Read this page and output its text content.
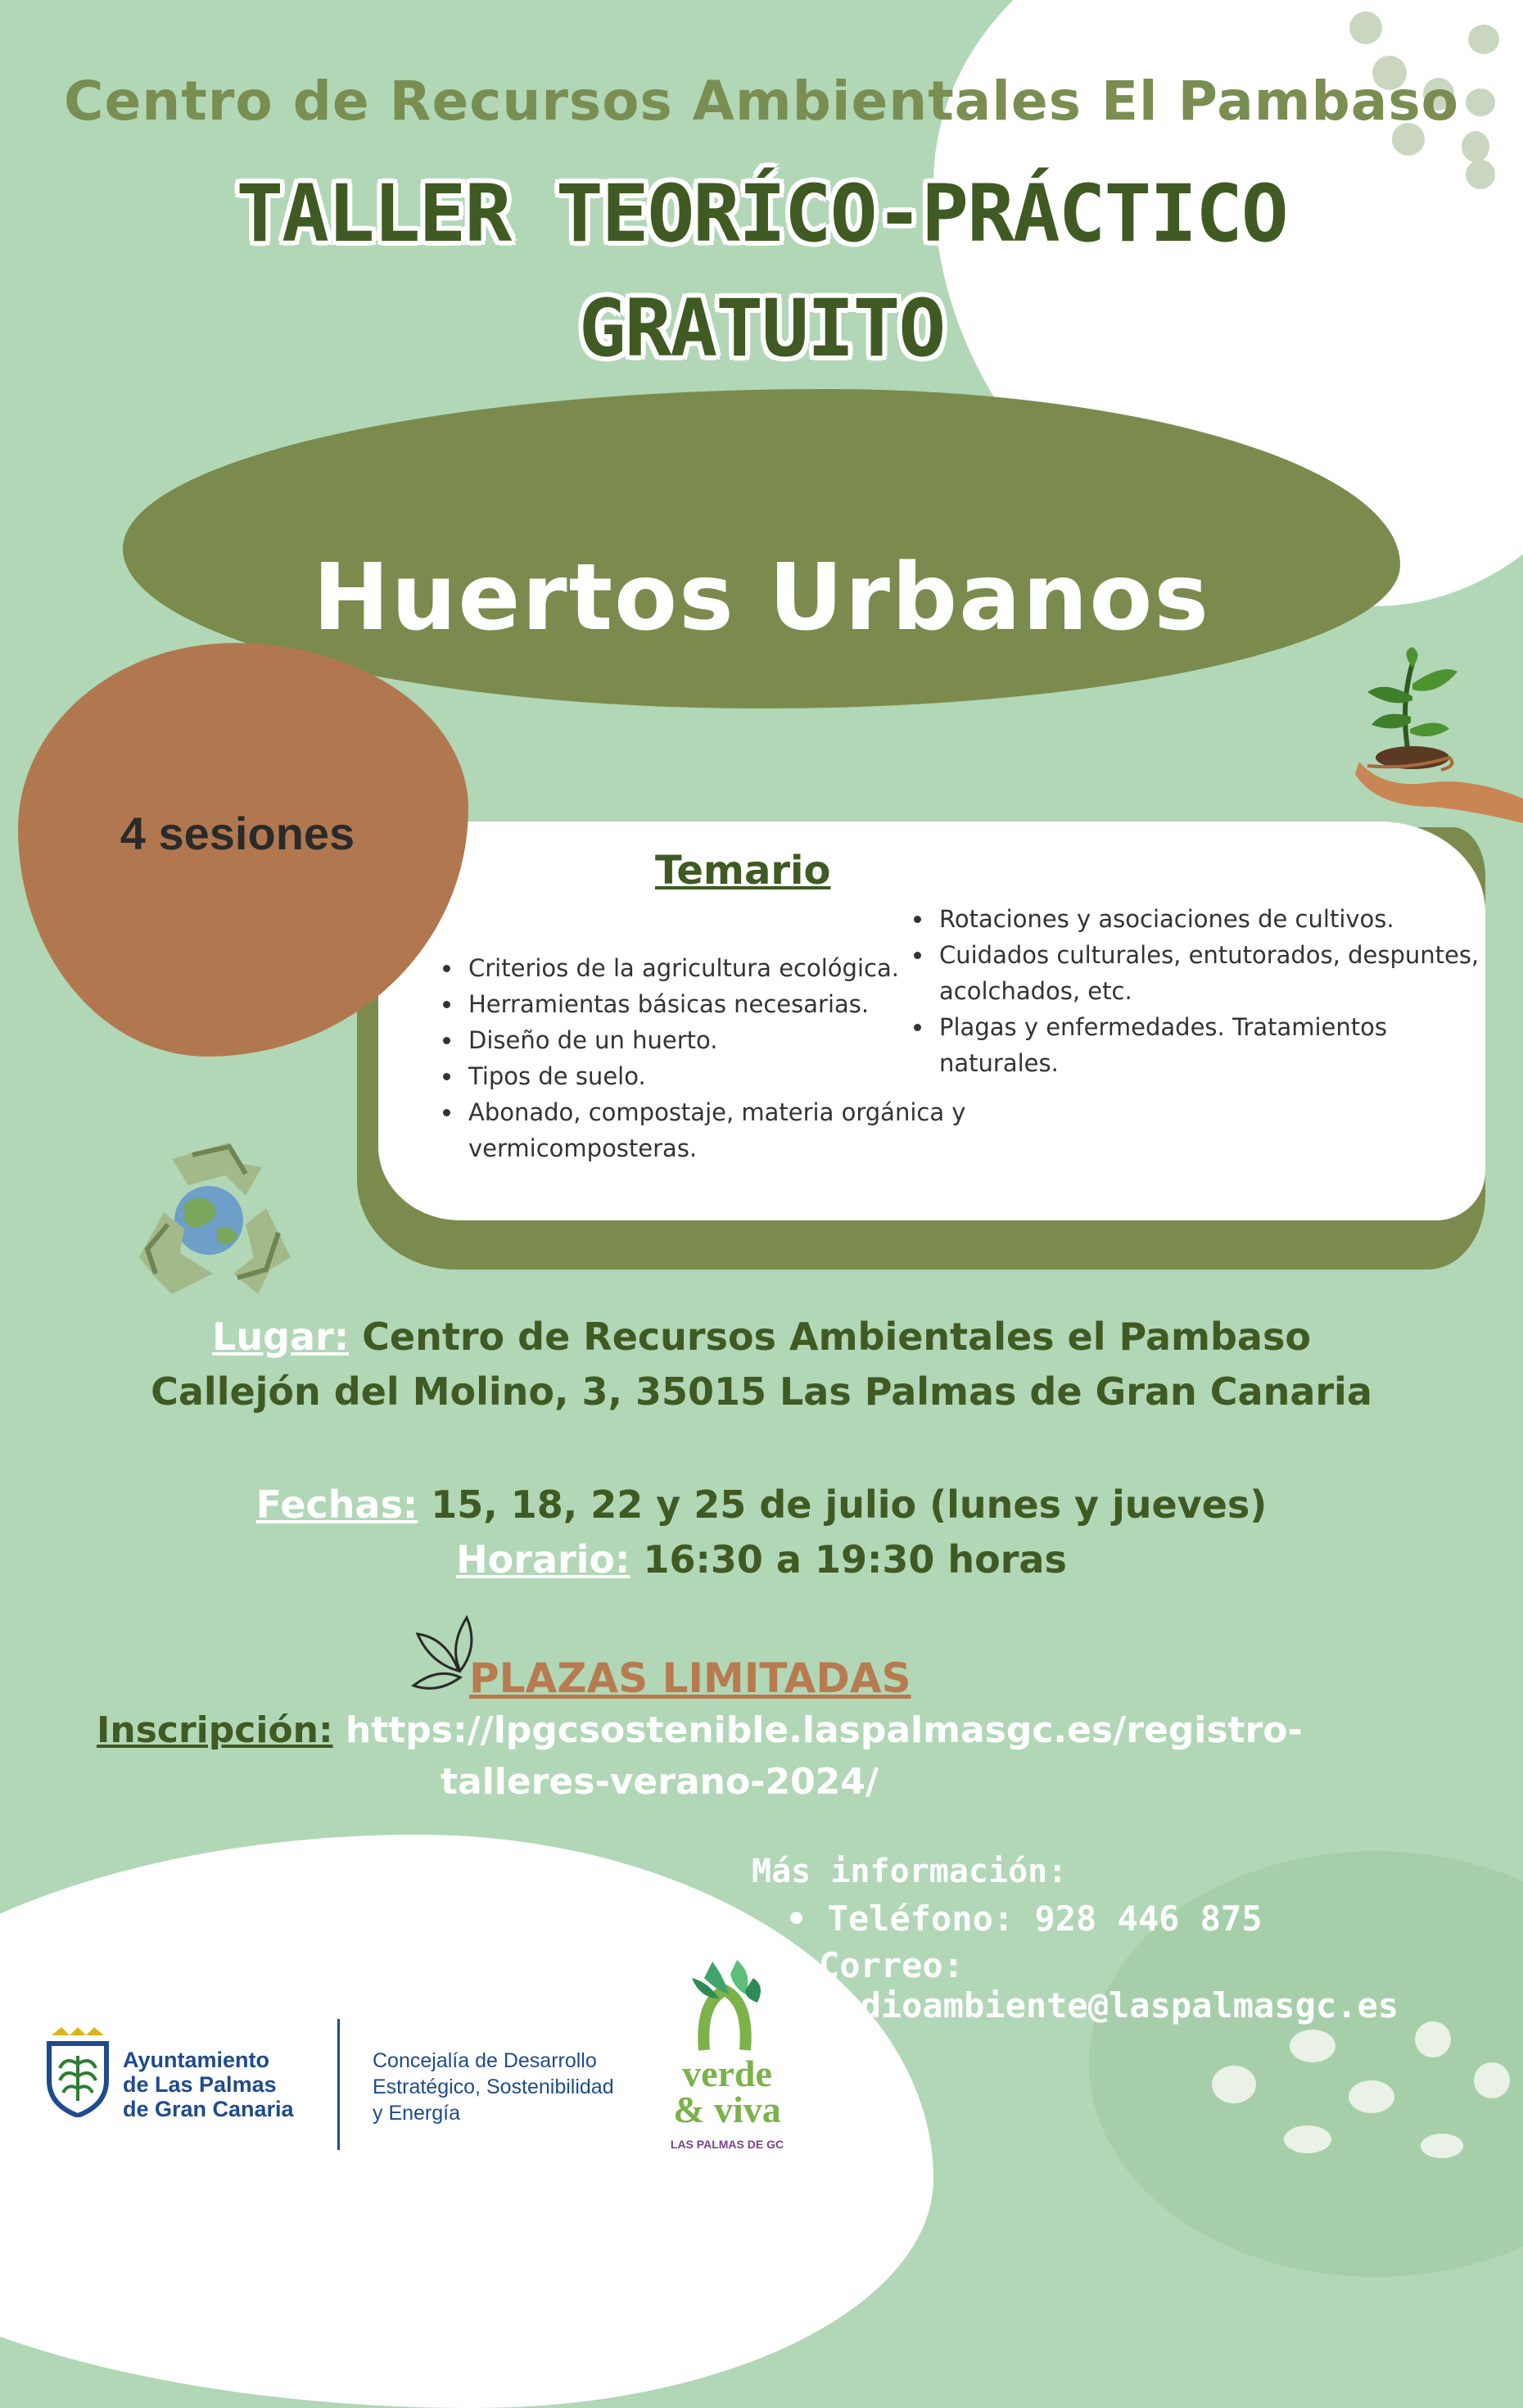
Centro de Recursos Ambientales El Pambaso
TALLER TEORÍCO-PRÁCTICO
GRATUITO
Huertos Urbanos
4 sesiones
Temario
• Criterios de la agricultura ecológica.
• Herramientas básicas necesarias.
• Diseño de un huerto.
• Tipos de suelo.
• Abonado, compostaje, materia orgánica y vermicomposteras.
• Rotaciones y asociaciones de cultivos.
• Cuidados culturales, entutorados, despuntes, acolchados, etc.
• Plagas y enfermedades. Tratamientos naturales.
Lugar: Centro de Recursos Ambientales el Pambaso
Callejón del Molino, 3, 35015 Las Palmas de Gran Canaria
Fechas: 15, 18, 22 y 25 de julio (lunes y jueves)
Horario: 16:30 a 19:30 horas
PLAZAS LIMITADAS
Inscripción: https://lpgcsostenible.laspalmasgc.es/registro-
talleres-verano-2024/
Más información:
• Teléfono: 928 446 875
Correo: medioambiente@laspalmasgc.es
Ayuntamiento
de Las Palmas
de Gran Canaria
Concejalía de Desarrollo
Estratégico, Sostenibilidad
y Energía
verde
& viva
LAS PALMAS DE GC
